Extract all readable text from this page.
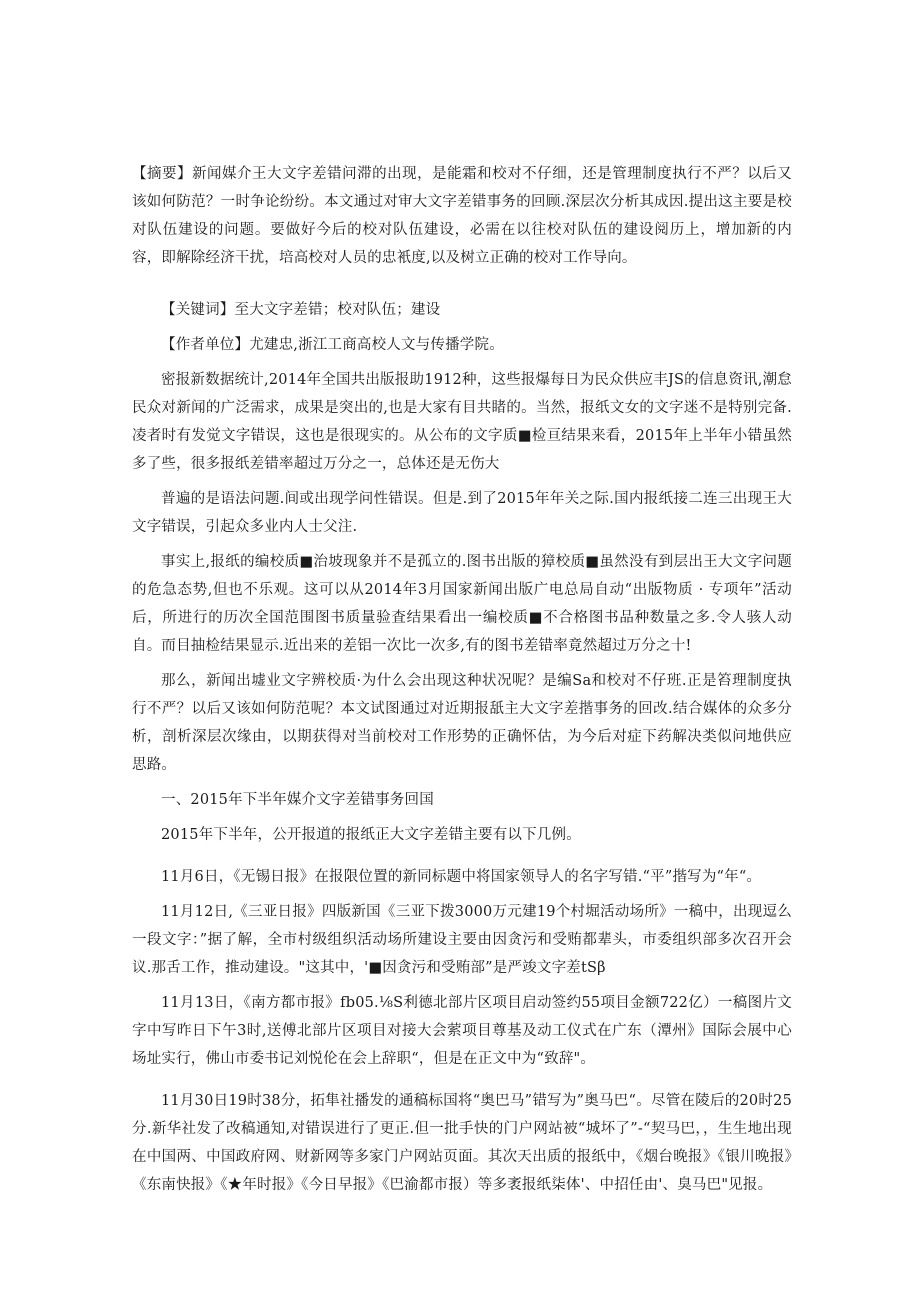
【摘要】新闻媒介王大文字差错问滞的出现，是能霜和校对不仔细，还是管理制度执行不严？以后又该如何防范？一时争论纷纷。本文通过对审大文字差错事务的回顾.深层次分析其成因.提出这主要是校对队伍建设的问题。要做好今后的校对队伍建设，必需在以往校对队伍的建设阅历上，增加新的内容，即解除经济干扰，培高校对人员的忠衹度,以及树立正确的校对工作导向。

【关键词】至大文字差错；校对队伍；建设

【作者单位】尤建忠,浙江工商高校人文与传播学院。

密报新数据统计,2014年全国共出版报助1912种，这些报爆每日为民众供应丰JS的信息资讯,潮怠民众对新闻的广泛需求，成果是突出的,也是大家有目共睹的。当然，报纸文女的文字迷不是特别完备.凌者时有发觉文字错误，这也是很现实的。从公布的文字质■检亘结果来看，2015年上半年小错虽然多了些，很多报纸差错率超过万分之一，总体还是无伤大

普遍的是语法问题.间或出现学问性错误。但是.到了2015年年关之际.国内报纸接二连三出现王大文字错误，引起众多业内人士父注.

事实上,报纸的编校质■治坡现象并不是孤立的.图书出版的獐校质■虽然没有到层出王大文字问题的危急态势,但也不乐观。这可以从2014年3月国家新闻出版广电总局自动“出版物质 · 专项年”活动后，所进行的历次全国范围图书质量验査结果看出一编校质■不合格图书品种数量之多.令人骇人动自。而目抽检结果显示.近出来的差铝一次比一次多,有的图书差错率竟然超过万分之十!

那么，新闻出墟业文字辨校质·为什么会出现这种状况呢？是编Sa和校对不仔班.正是笞理制度执行不严？以后又该如何防范呢？本文试图通过对近期报舐主大文字差揩事务的回改.结合媒体的众多分析，剖析深层次缘由，以期获得对当前校对工作形势的正确怀估，为今后对症下药解决类似问地供应思路。

一、2015年下半年媒介文字差错事务回国

2015年下半年，公开报道的报纸正大文字差错主要有以下几例。

11月6日，《无锡日报》在报限位置的新同标题中将国家领导人的名字写错.“平”揩写为“年“。

11月12日,《三亚日报》四版新国《三亚下拨3000万元建19个村堀活动场所》一稿中，出现逗么一段文字：”据了解，全市村级组织活动场所建设主要由因贪污和受贿都辈头，市委组织部多次召开会议.那舌工作，推动建设。"这其中，'■因贪污和受贿部”是严竣文字差tSβ

11月13日，《南方都市报》fb05.⅛S利德北部片区项目启动签约55项目金额722亿）一稿图片文字中写昨日下午3时,送傅北部片区项目对接大会萦项目尊基及动工仪式在广东（潭州》国际会展中心场址实行，佛山市委书记刘悦伦在会上辞职“，但是在正文中为“致辞"。

11月30日19时38分，拓隼社播发的通稿标国将“奥巴马”错写为”奥马巴“。尽管在陵后的20时25分.新华社发了改稿通知,对错误进行了更正.但一批手快的门户网站被“城坏了”-“契马巴，，生生地出现在中国两、中国政府网、财新网等多家门户网站页面。其次天出质的报纸中，《烟台晚报》《银川晚报》《东南快报》《★年时报》《今日早报》《巴渝都市报）等多袤报纸柒体'、中招任由'、臭马巴"见报。
